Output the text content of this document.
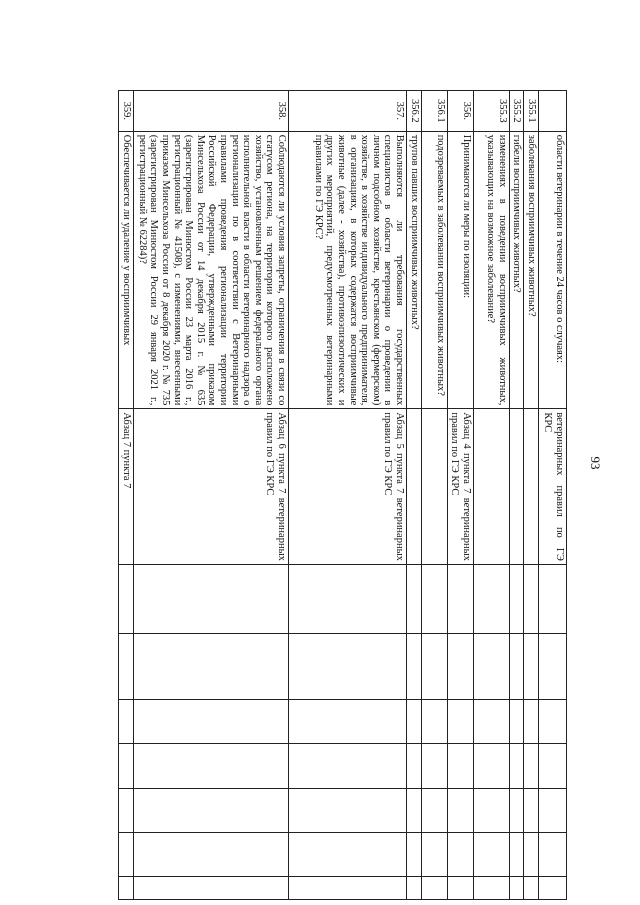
93
	области ветеринарии в течение 24 часов о случаях:	ветеринарных правил по ГЭ КРС							
355.1	заболевания восприимчивых животных?								
355.2	гибели восприимчивых животных?								
355.3	изменениях в поведении восприимчивых животных, указывающих на возможное заболевание?								
356.	Принимаются ли меры по изоляции:	Абзац 4 пункта 7 ветеринарных правил по ГЭ КРС							
356.1	подозреваемых в заболевании восприимчивых животных?								
356.2	трупов павших восприимчивых животных?								
357.	Выполняются ли требования государственных специалистов в области ветеринарии о проведении в личном подсобном хозяйстве, крестьянском (фермерском) хозяйстве, в хозяйстве индивидуального предпринимателя, в организациях, в которых содержатся восприимчивые животные (далее - хозяйства), противоэпизоотических и других мероприятий, предусмотренных ветеринарными правилами по ГЭ КРС?	Абзац 5 пункта 7 ветеринарных правил по ГЭ КРС							
358.	Соблюдаются ли условия запреты, ограничения в связи со статусом региона, на территории которого расположено хозяйство, установленным решением федерального органа исполнительной власти в области ветеринарного надзора о регионализации по в соответствии с Ветеринарными правилами проведения регионализации территории Российской Федерации, утвержденными приказом Минсельхоза России от 14 декабря 2015 г. № 635 (зарегистрирован Минюстом России 23 марта 2016 г., регистрационный № 41508), с изменениями, внесенными приказом Минсельхоза России от 8 декабря 2020 г. № 735 (зарегистрирован Минюстом России 29 января 2021 г., регистрационный № 62284)?	Абзац 6 пункта 7 ветеринарных правил по ГЭ КРС							
359.	Обеспечивается ли удаление у восприимчивых	Абзац 7 пункта 7							
